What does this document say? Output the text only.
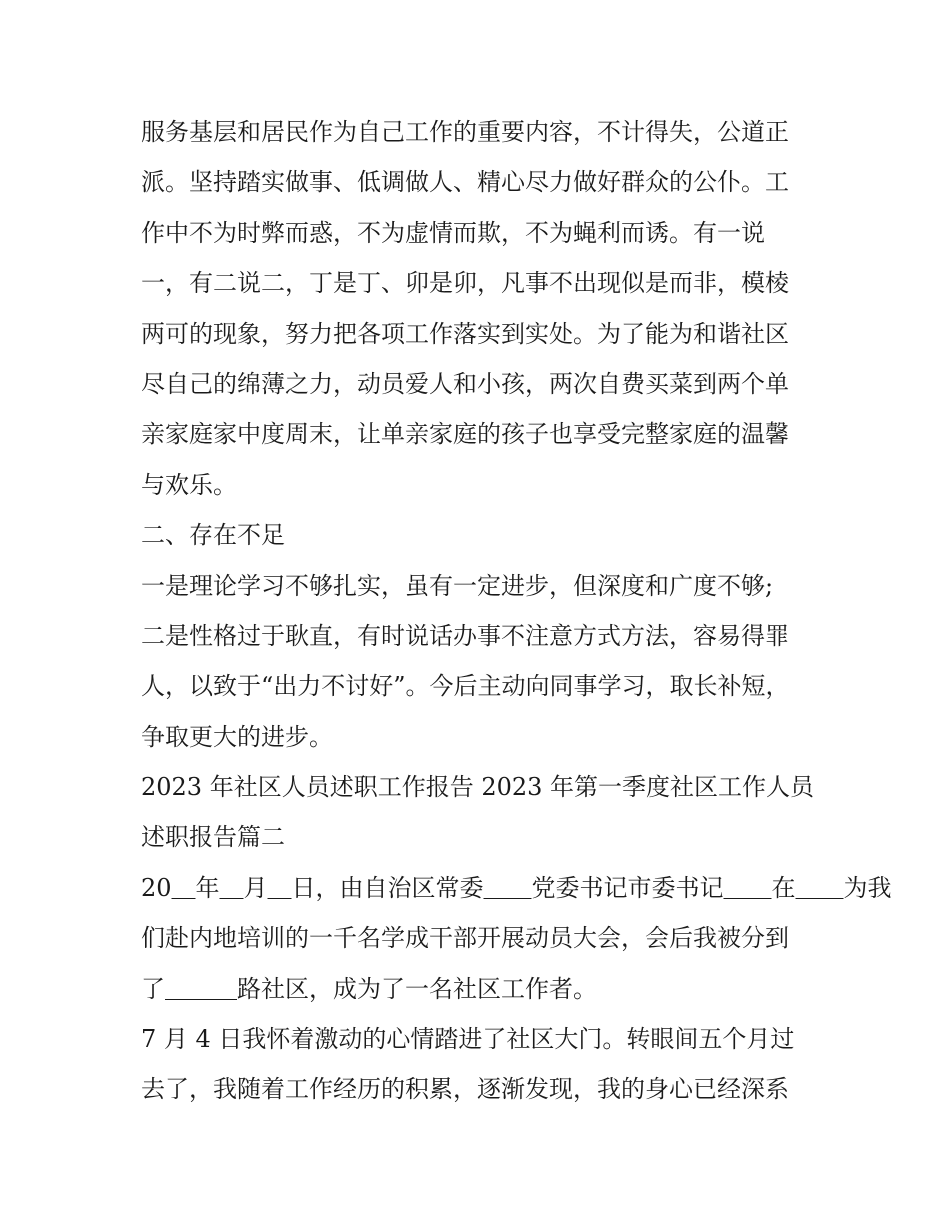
服务基层和居民作为自己工作的重要内容，不计得失，公道正
派。坚持踏实做事、低调做人、精心尽力做好群众的公仆。工
作中不为时弊而惑，不为虚情而欺，不为蝇利而诱。有一说
一，有二说二，丁是丁、卯是卯，凡事不出现似是而非，模棱
两可的现象，努力把各项工作落实到实处。为了能为和谐社区
尽自己的绵薄之力，动员爱人和小孩，两次自费买菜到两个单
亲家庭家中度周末，让单亲家庭的孩子也享受完整家庭的温馨
与欢乐。
二、存在不足
一是理论学习不够扎实，虽有一定进步，但深度和广度不够;
二是性格过于耿直，有时说话办事不注意方式方法，容易得罪
人，以致于“出力不讨好”。今后主动向同事学习，取长补短，
争取更大的进步。
2023 年社区人员述职工作报告 2023 年第一季度社区工作人员
述职报告篇二
20＿年＿月＿日，由自治区常委＿＿党委书记市委书记＿＿在＿＿为我
们赴内地培训的一千名学成干部开展动员大会，会后我被分到
了＿＿＿路社区，成为了一名社区工作者。
7 月 4 日我怀着激动的心情踏进了社区大门。转眼间五个月过
去了，我随着工作经历的积累，逐渐发现，我的身心已经深系
